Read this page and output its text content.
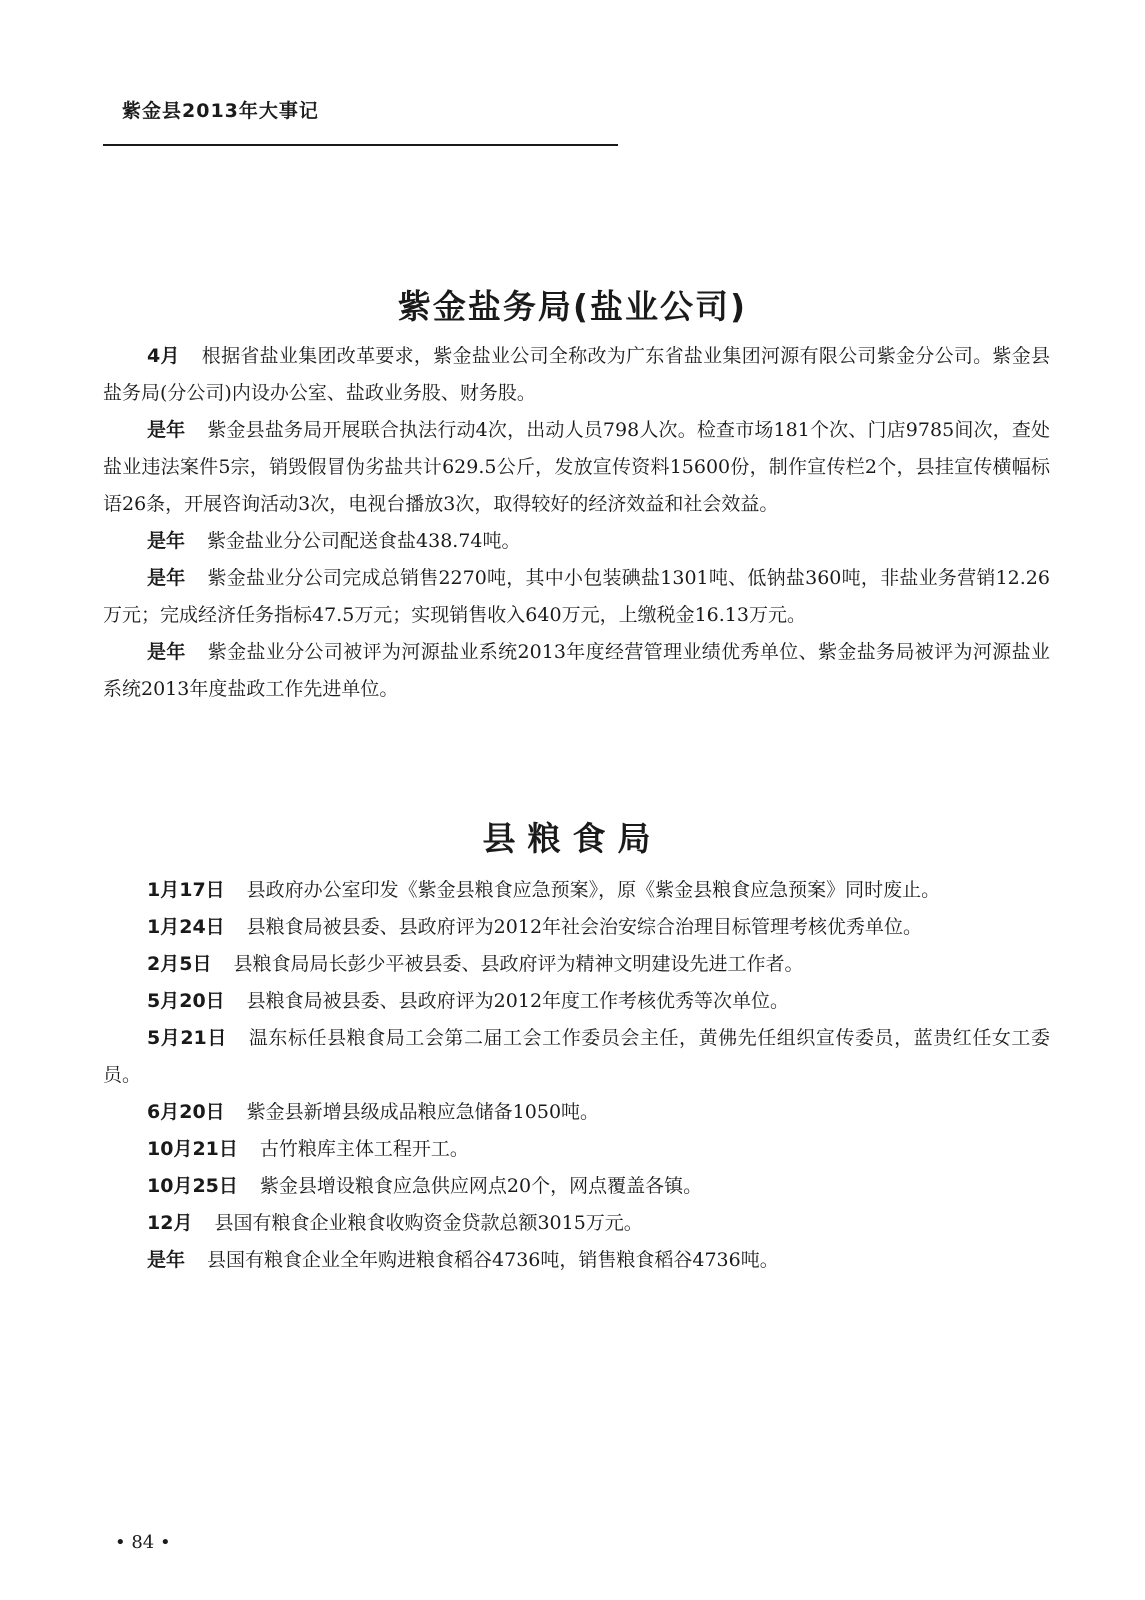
紫金县2013年大事记
紫金盐务局(盐业公司)

4月 根据省盐业集团改革要求，紫金盐业公司全称改为广东省盐业集团河源有限公司紫金分公司。紫金县盐务局(分公司)内设办公室、盐政业务股、财务股。

是年 紫金县盐务局开展联合执法行动4次，出动人员798人次。检查市场181个次、门店9785间次，查处盐业违法案件5宗，销毁假冒伪劣盐共计629.5公斤，发放宣传资料15600份，制作宣传栏2个，县挂宣传横幅标语26条，开展咨询活动3次，电视台播放3次，取得较好的经济效益和社会效益。

是年 紫金盐业分公司配送食盐438.74吨。

是年 紫金盐业分公司完成总销售2270吨，其中小包装碘盐1301吨、低钠盐360吨，非盐业务营销12.26万元；完成经济任务指标47.5万元；实现销售收入640万元，上缴税金16.13万元。

是年 紫金盐业分公司被评为河源盐业系统2013年度经营管理业绩优秀单位、紫金盐务局被评为河源盐业系统2013年度盐政工作先进单位。

县粮食局

1月17日 县政府办公室印发《紫金县粮食应急预案》，原《紫金县粮食应急预案》同时废止。

1月24日 县粮食局被县委、县政府评为2012年社会治安综合治理目标管理考核优秀单位。

2月5日 县粮食局局长彭少平被县委、县政府评为精神文明建设先进工作者。

5月20日 县粮食局被县委、县政府评为2012年度工作考核优秀等次单位。

5月21日 温东标任县粮食局工会第二届工会工作委员会主任，黄佛先任组织宣传委员，蓝贵红任女工委员。

6月20日 紫金县新增县级成品粮应急储备1050吨。

10月21日 古竹粮库主体工程开工。

10月25日 紫金县增设粮食应急供应网点20个，网点覆盖各镇。

12月 县国有粮食企业粮食收购资金贷款总额3015万元。

是年 县国有粮食企业全年购进粮食稻谷4736吨，销售粮食稻谷4736吨。

• 84 •
